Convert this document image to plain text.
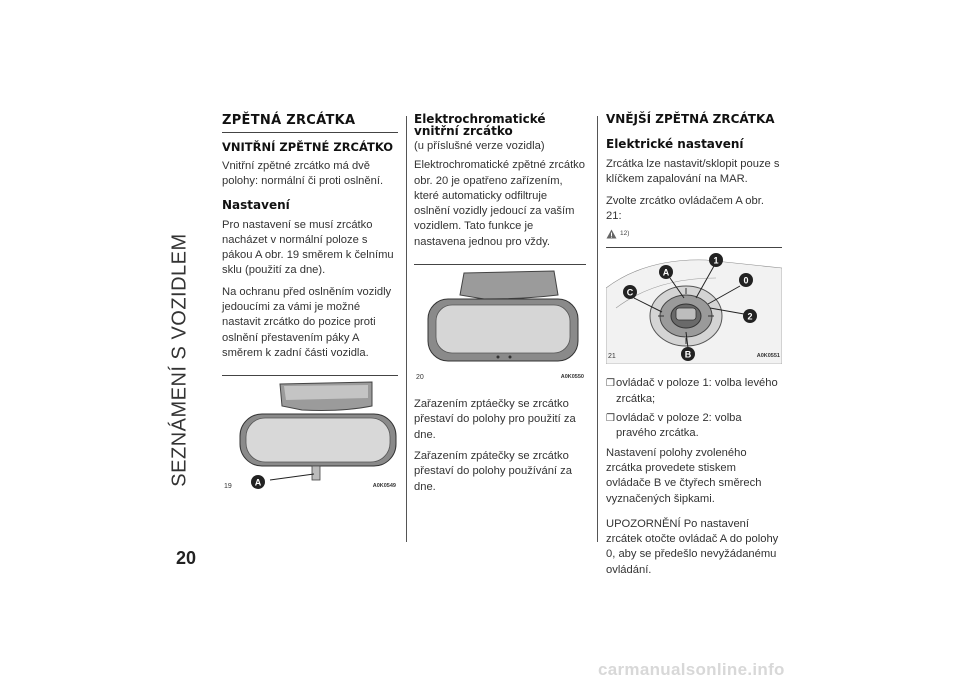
SEZNÁMENÍ S VOZIDLEM
20
ZPĚTNÁ ZRCÁTKA
VNITŘNÍ ZPĚTNÉ ZRCÁTKO

Vnitřní zpětné zrcátko má dvě polohy: normální či proti oslnění.

Nastavení

Pro nastavení se musí zrcátko nacházet v normální poloze s pákou A obr. 19 směrem k čelnímu sklu (použití za dne).

Na ochranu před oslněním vozidly jedoucími za vámi je možné nastavit zrcátko do pozice proti oslnění přestavením páky A směrem k zadní části vozidla.

A
19	A0K0549
Elektrochromatické vnitřní zrcátko

(u příslušné verze vozidla)

Elektrochromatické zpětné zrcátko obr. 20 je opatřeno zařízením, které automaticky odfiltruje oslnění vozidly jedoucí za vaším vozidlem. Tato funkce je nastavena jednou pro vždy.

20	A0K0550

Zařazením zptáečky se zrcátko přestaví do polohy pro použití za dne.

Zařazením zpátečky se zrcátko přestaví do polohy používání za dne.

VNĚJŠÍ ZPĚTNÁ ZRCÁTKA
Elektrické nastavení

Zrcátka lze nastavit/sklopit pouze s klíčkem zapalování na MAR.

Zvolte zrcátko ovládačem A obr. 21:

12)
A
1
0
2
B
C
21	A0K0551
❒ ovládač v poloze 1: volba levého zrcátka;
❒ ovládač v poloze 2: volba pravého zrcátka.

Nastavení polohy zvoleného zrcátka provedete stiskem ovládače B ve čtyřech směrech vyznačených šipkami.

UPOZORNĚNÍ Po nastavení zrcátek otočte ovládač A do polohy 0, aby se předešlo nevyžádanému ovládání.

carmanualsonline.info
